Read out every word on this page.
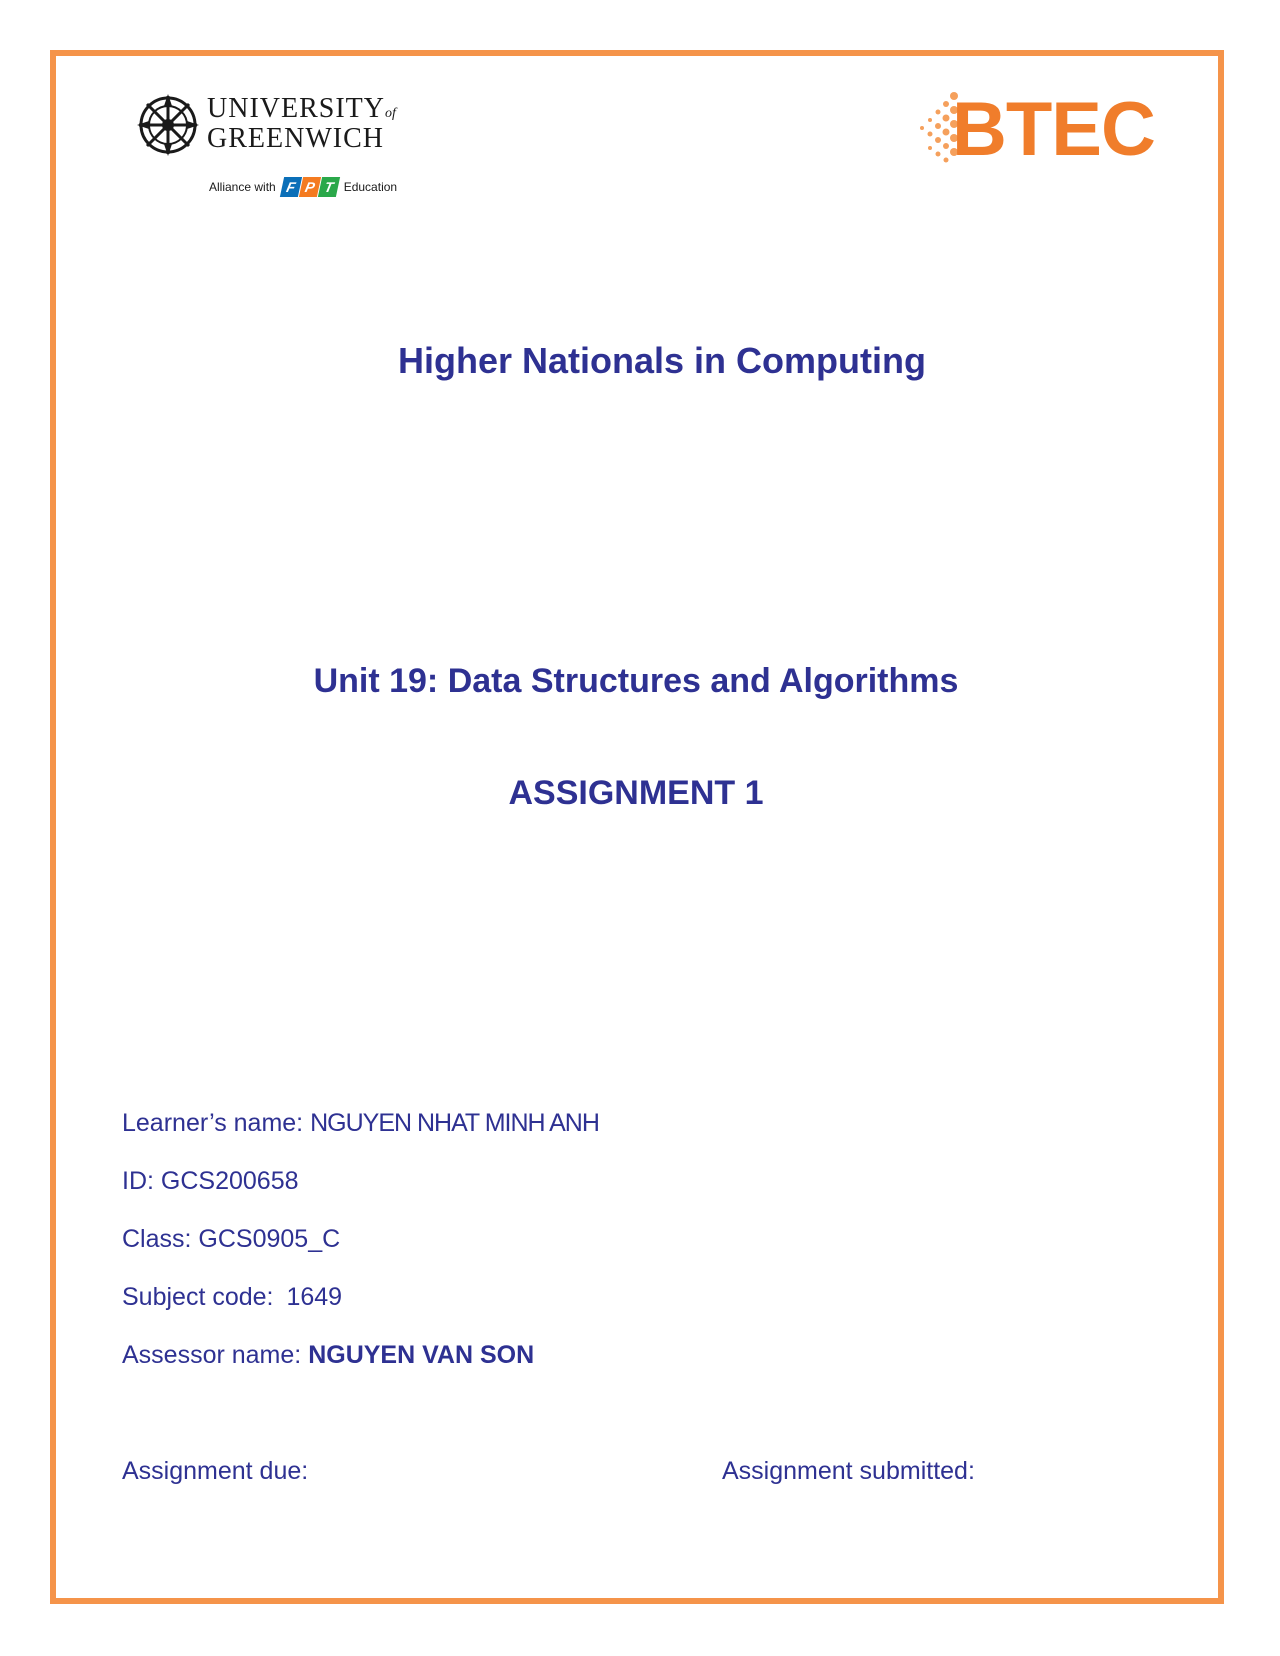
UNIVERSITYof
GREENWICH
Alliance with F P T Education
BTEC
Higher Nationals in Computing
Unit 19: Data Structures and Algorithms
ASSIGNMENT 1
Learner’s name: NGUYEN NHAT MINH ANH
ID: GCS200658
Class: GCS0905_C
Subject code: 1649
Assessor name: NGUYEN VAN SON
Assignment due:	Assignment submitted:
